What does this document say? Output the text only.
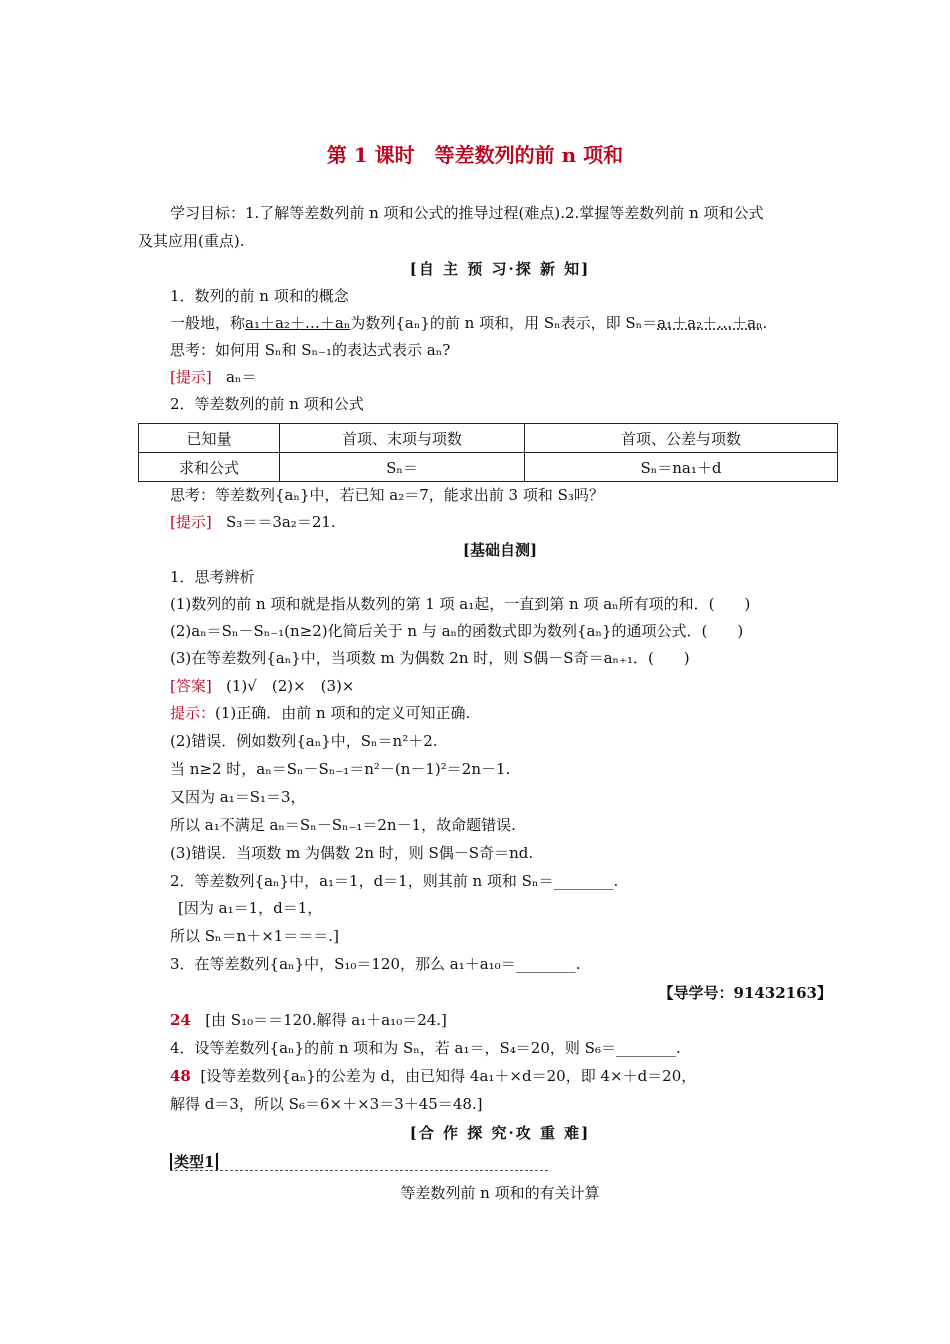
第 1 课时　等差数列的前 n 项和
学习目标：1.了解等差数列前 n 项和公式的推导过程(难点).2.掌握等差数列前 n 项和公式
及其应用(重点).
[自 主 预 习·探 新 知]
1．数列的前 n 项和的概念
一般地，称a₁＋a₂＋…＋aₙ为数列{aₙ}的前 n 项和，用 Sₙ表示，即 Sₙ＝a₁＋a₂＋…＋aₙ.
思考：如何用 Sₙ和 Sₙ₋₁的表达式表示 aₙ?
[提示] aₙ＝
2．等差数列的前 n 项和公式
已知量	首项、末项与项数	首项、公差与项数
求和公式	Sₙ＝	Sₙ＝na₁＋d
思考：等差数列{aₙ}中，若已知 a₂＝7，能求出前 3 项和 S₃吗？
[提示] S₃＝＝3a₂＝21.
[基础自测]
1．思考辨析
(1)数列的前 n 项和就是指从数列的第 1 项 a₁起，一直到第 n 项 aₙ所有项的和．(　　)
(2)aₙ＝Sₙ－Sₙ₋₁(n≥2)化简后关于 n 与 aₙ的函数式即为数列{aₙ}的通项公式．(　　)
(3)在等差数列{aₙ}中，当项数 m 为偶数 2n 时，则 S偶－S奇＝aₙ₊₁．(　　)
[答案] (1)√　(2)×　(3)×
提示：(1)正确．由前 n 项和的定义可知正确.
(2)错误．例如数列{aₙ}中，Sₙ＝n²＋2.
当 n≥2 时，aₙ＝Sₙ－Sₙ₋₁＝n²－(n－1)²＝2n－1.
又因为 a₁＝S₁＝3，
所以 a₁不满足 aₙ＝Sₙ－Sₙ₋₁＝2n－1，故命题错误.
(3)错误．当项数 m 为偶数 2n 时，则 S偶－S奇＝nd.
2．等差数列{aₙ}中，a₁＝1，d＝1，则其前 n 项和 Sₙ＝________.
[因为 a₁＝1，d＝1，
所以 Sₙ＝n＋×1＝＝＝.]
3．在等差数列{aₙ}中，S₁₀＝120，那么 a₁＋a₁₀＝________.
【导学号：91432163】
24 [由 S₁₀＝＝120.解得 a₁＋a₁₀＝24.]
4．设等差数列{aₙ}的前 n 项和为 Sₙ，若 a₁＝，S₄＝20，则 S₆＝________.
48 [设等差数列{aₙ}的公差为 d，由已知得 4a₁＋×d＝20，即 4×＋d＝20，
解得 d＝3，所以 S₆＝6×＋×3＝3＋45＝48.]
[合 作 探 究·攻 重 难]
类型1
等差数列前 n 项和的有关计算
